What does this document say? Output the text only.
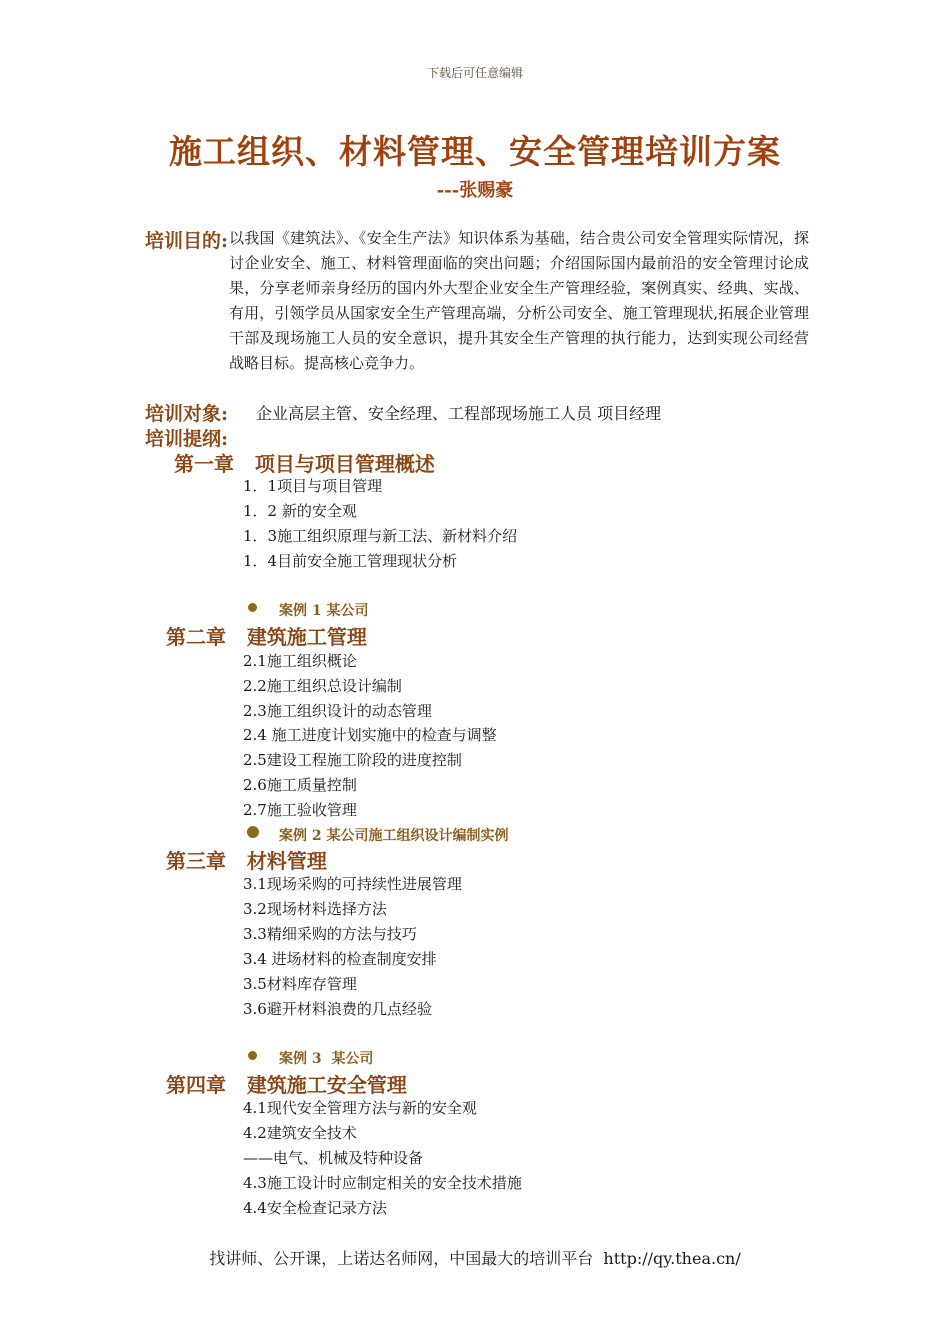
下载后可任意编辑
施工组织、材料管理、安全管理培训方案
---张赐豪
培训目的: 以我国《建筑法》、《安全生产法》知识体系为基础，结合贵公司安全管理实际情况，探讨企业安全、施工、材料管理面临的突出问题；介绍国际国内最前沿的安全管理讨论成果，分享老师亲身经历的国内外大型企业安全生产管理经验，案例真实、经典、实战、有用，引领学员从国家安全生产管理高端，分析公司安全、施工管理现状,拓展企业管理干部及现场施工人员的安全意识，提升其安全生产管理的执行能力，达到实现公司经营战略目标。提高核心竞争力。
培训对象: 企业高层主管、安全经理、工程部现场施工人员 项目经理
培训提纲:
第一章   项目与项目管理概述
1．1项目与项目管理
1．2 新的安全观
1．3施工组织原理与新工法、新材料介绍
1．4目前安全施工管理现状分析
案例 1 某公司
第二章   建筑施工管理
2.1施工组织概论
2.2施工组织总设计编制
2.3施工组织设计的动态管理
2.4 施工进度计划实施中的检查与调整
2.5建设工程施工阶段的进度控制
2.6施工质量控制
2.7施工验收管理
案例 2 某公司施工组织设计编制实例
第三章   材料管理
3.1现场采购的可持续性进展管理
3.2现场材料选择方法
3.3精细采购的方法与技巧
3.4 进场材料的检查制度安排
3.5材料库存管理
3.6避开材料浪费的几点经验
案例 3  某公司
第四章   建筑施工安全管理
4.1现代安全管理方法与新的安全观
4.2建筑安全技术
——电气、机械及特种设备
4.3施工设计时应制定相关的安全技术措施
4.4安全检查记录方法
找讲师、公开课，上诺达名师网，中国最大的培训平台  http://qy.thea.cn/
